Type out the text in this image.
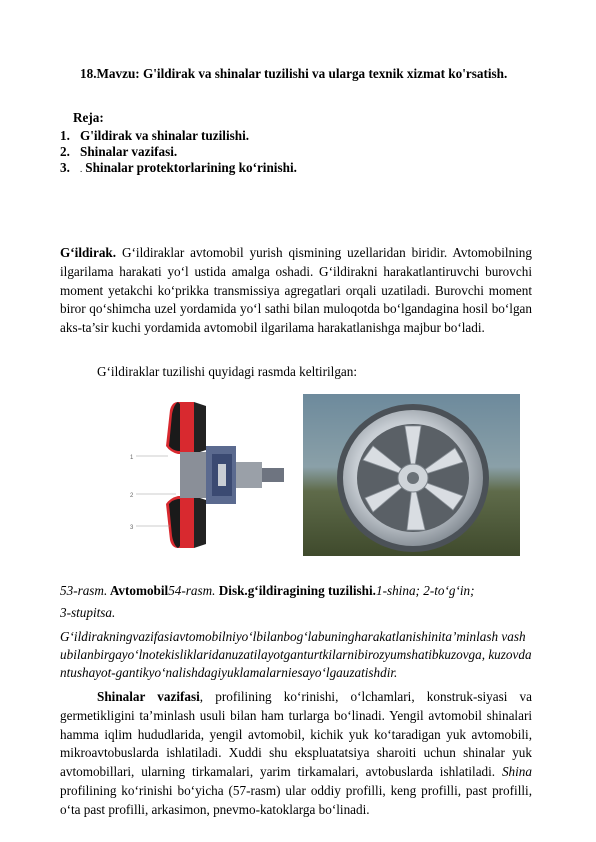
18.Mavzu: G'ildirak va shinalar tuzilishi va ularga texnik xizmat ko'rsatish.
Reja:
1. G'ildirak va shinalar tuzilishi.
2. Shinalar vazifasi.
3. . Shinalar protektorlarining ko‘rinishi.
G‘ildirak. G‘ildiraklar avtomobil yurish qismining uzellaridan biridir. Avtomobilning ilgarilama harakati yo‘l ustida amalga oshadi. G‘ildirakni harakatlantiruvchi burovchi moment yetakchi ko‘prikka transmissiya agregatlari orqali uzatiladi. Burovchi moment biror qo‘shimcha uzel yordamida yo‘l sathi bilan muloqotda bo‘lgandagina hosil bo‘lgan aks-ta’sir kuchi yordamida avtomobil ilgarilama harakatlanishga majbur bo‘ladi.
G‘ildiraklar tuzilishi quyidagi rasmda keltirilgan:
1
2
3
53-rasm. Avtomobil54-rasm. Disk.g‘ildiragining tuzilishi.1-shina; 2-to‘g‘in;
3-stupitsa.
G‘ildirakningvazifasiavtomobilniyo‘lbilanbog‘labuningharakatlanishinita’minlash vashubilanbirgayo‘lnotekisliklaridanuzatilayotganturtkilarnibirozyumshatibkuzovga, kuzovdantushayot-gantikyo‘nalishdagiyuklamalarniesayo‘lgauzatishdir.
Shinalar vazifasi, profilining ko‘rinishi, o‘lchamlari, konstruk-siyasi va germetikligini ta’minlash usuli bilan ham turlarga bo‘linadi. Yengil avtomobil shinalari hamma iqlim hududlarida, yengil avtomobil, kichik yuk ko‘taradigan yuk avtomobili, mikroavtobuslarda ishlatiladi. Xuddi shu ekspluatatsiya sharoiti uchun shinalar yuk avtomobillari, ularning tirkamalari, yarim tirkamalari, avtobuslarda ishlatiladi. Shina profilining ko‘rinishi bo‘yicha (57-rasm) ular oddiy profilli, keng profilli, past profilli, o‘ta past profilli, arkasimon, pnevmo-katoklarga bo‘linadi.
